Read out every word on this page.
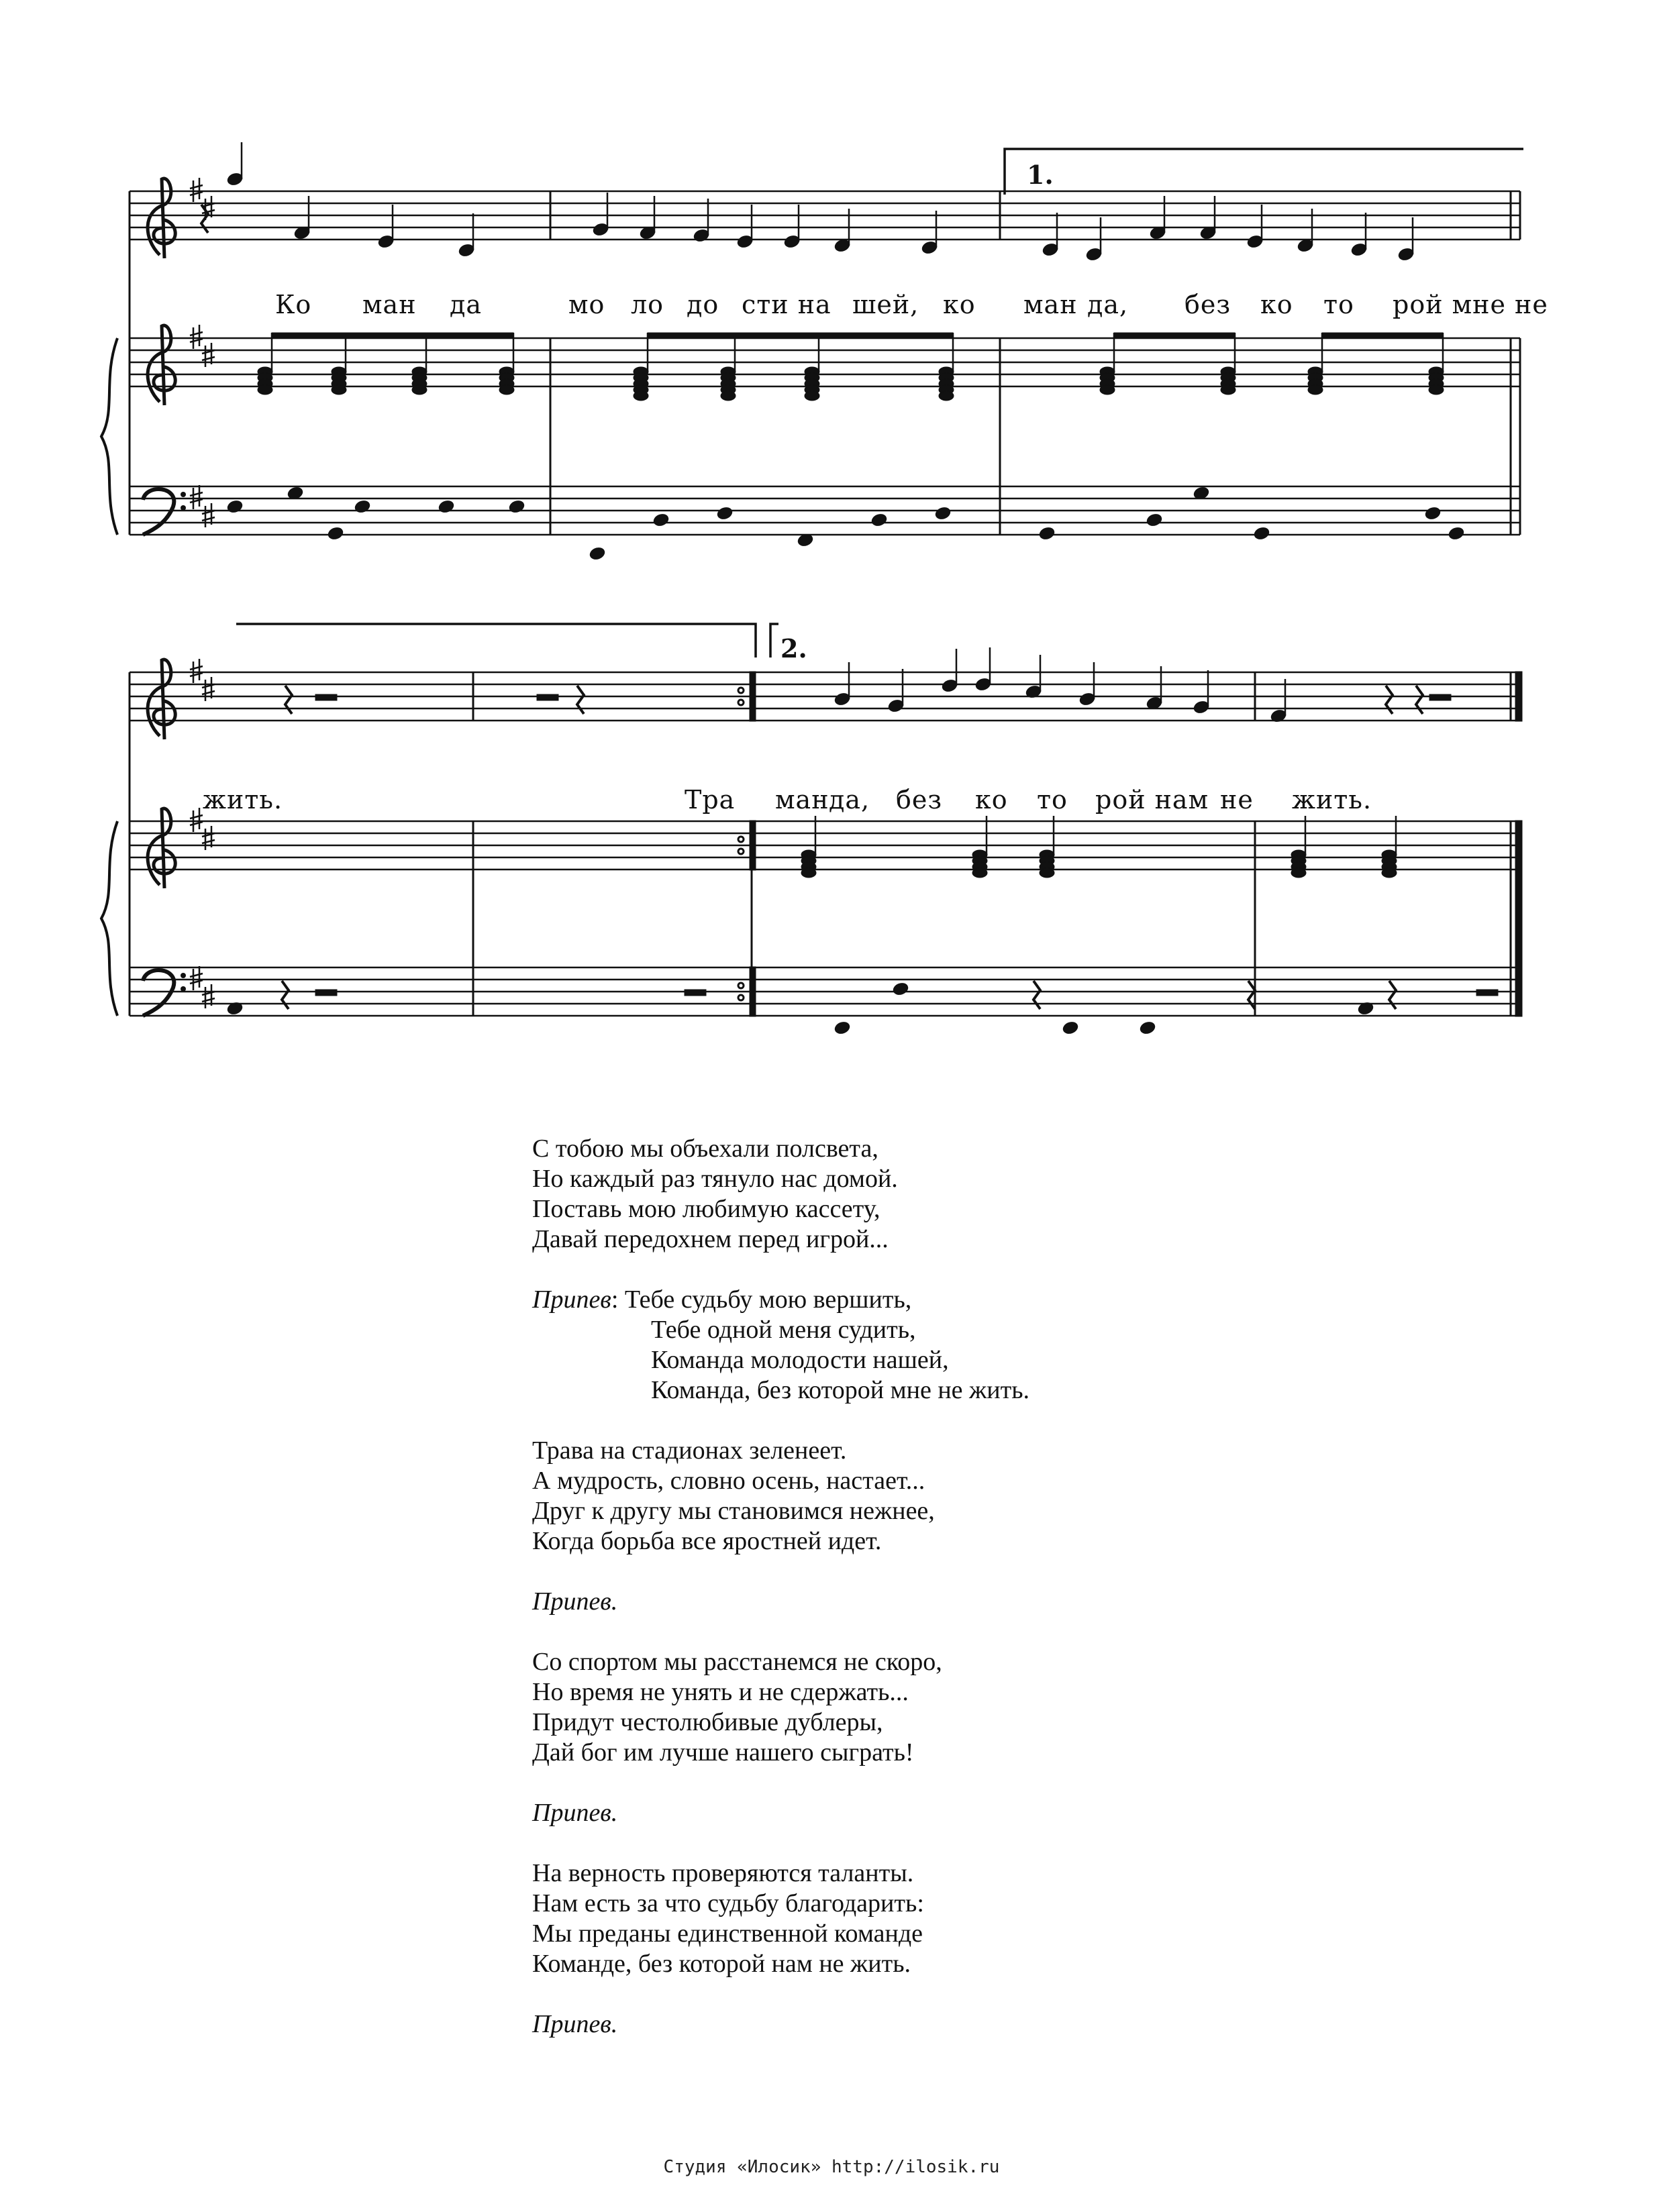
1.
2.
Ко ман да	мо ло до сти на шей, ко ман да, без ко то рой мне не
жить.	Тра ман да, без ко то рой нам не жить.
С тобою мы объехали полсвета,
Но каждый раз тянуло нас домой.
Поставь мою любимую кассету,
Давай передохнем перед игрой...
Припев: Тебе судьбу мою вершить,
Тебе одной меня судить,
Команда молодости нашей,
Команда, без которой мне не жить.
Трава на стадионах зеленеет.
А мудрость, словно осень, настает...
Друг к другу мы становимся нежнее,
Когда борьба все яростней идет.
Припев.
Со спортом мы расстанемся не скоро,
Но время не унять и не сдержать...
Придут честолюбивые дублеры,
Дай бог им лучше нашего сыграть!
Припев.
На верность проверяются таланты.
Нам есть за что судьбу благодарить:
Мы преданы единственной команде
Команде, без которой нам не жить.
Припев.
Студия «Илосик» http://ilosik.ru
